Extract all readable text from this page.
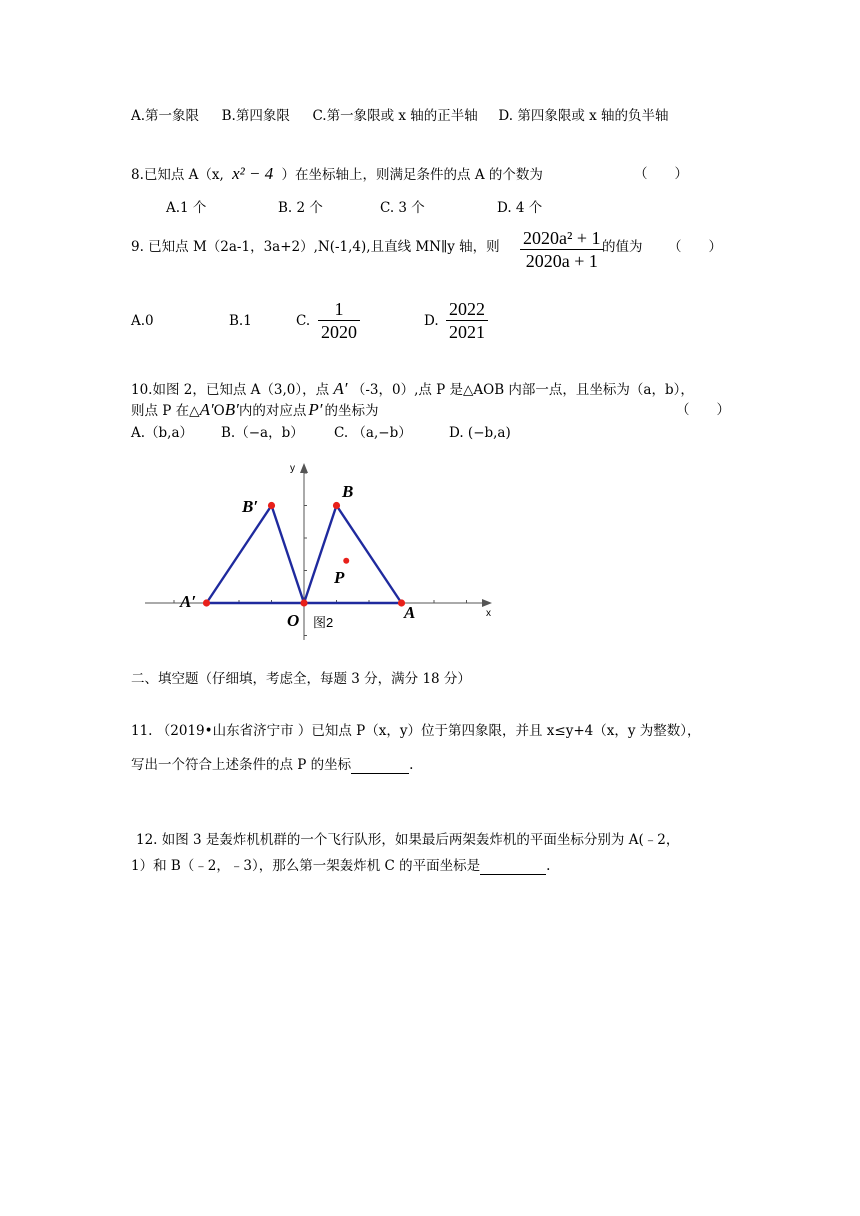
A.第一象限 B.第四象限 C.第一象限或 x 轴的正半轴 D. 第四象限或 x 轴的负半轴
8.已知点 A（x, x² − 4 ）在坐标轴上，则满足条件的点 A 的个数为	（　　）
A.1 个	B. 2 个	C. 3 个	D. 4 个
9. 已知点 M（2a-1，3a+2）,N(-1,4),且直线 MN∥y 轴，则 $\frac{\text{2020a² + 1}}{2020a + 1}$
的值为 （　　）
A.0	B.1	C. $\frac{1}{2020}$	D. $\frac{2022}{2021}$
10.如图 2，已知点 A（3,0），点 A′ （-3，0）,点 P 是△AOB 内部一点，且坐标为（a，b），
则点 P 在△A′OB′内的对应点 P′ 的坐标为	（　　）
A.（b,a） B.（−a，b） C. （a,−b）	D. (−b,a)
x
y
B′
B
P
A′
O	A
图2
二、填空题（仔细填，考虑全，每题 3 分，满分 18 分）
11. （2019•山东省济宁市 ）已知点 P（x，y）位于第四象限，并且 x≤y+4（x，y 为整数），
写出一个符合上述条件的点 P 的坐标	.
12. 如图 3 是轰炸机机群的一个飞行队形，如果最后两架轰炸机的平面坐标分别为 A(﹣2，
1）和 B（﹣2，﹣3），那么第一架轰炸机 C 的平面坐标是	.
